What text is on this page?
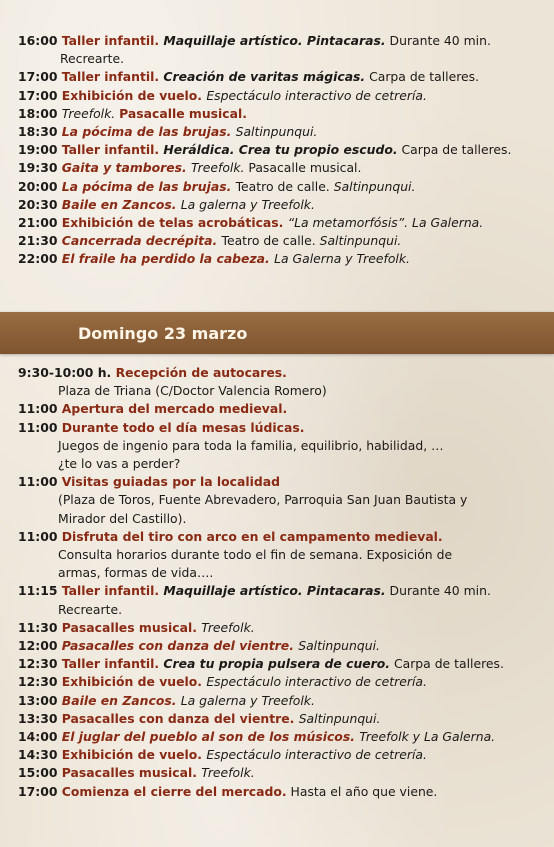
16:00 Taller infantil. Maquillaje artístico. Pintacaras. Durante 40 min.
Recrearte.
17:00 Taller infantil. Creación de varitas mágicas. Carpa de talleres.
17:00 Exhibición de vuelo. Espectáculo interactivo de cetrería.
18:00 Treefolk. Pasacalle musical.
18:30 La pócima de las brujas. Saltinpunqui.
19:00 Taller infantil. Heráldica. Crea tu propio escudo. Carpa de talleres.
19:30 Gaita y tambores. Treefolk. Pasacalle musical.
20:00 La pócima de las brujas. Teatro de calle. Saltinpunqui.
20:30 Baile en Zancos. La galerna y Treefolk.
21:00 Exhibición de telas acrobáticas. “La metamorfósis”. La Galerna.
21:30 Cancerrada decrépita. Teatro de calle. Saltinpunqui.
22:00 El fraile ha perdido la cabeza. La Galerna y Treefolk.
Domingo 23 marzo
9:30-10:00 h. Recepción de autocares.
Plaza de Triana (C/Doctor Valencia Romero)
11:00 Apertura del mercado medieval.
11:00 Durante todo el día mesas lúdicas.
Juegos de ingenio para toda la familia, equilibrio, habilidad, …
¿te lo vas a perder?
11:00 Visitas guiadas por la localidad
(Plaza de Toros, Fuente Abrevadero, Parroquia San Juan Bautista y
Mirador del Castillo).
11:00 Disfruta del tiro con arco en el campamento medieval.
Consulta horarios durante todo el fin de semana. Exposición de
armas, formas de vida….
11:15 Taller infantil. Maquillaje artístico. Pintacaras. Durante 40 min.
Recrearte.
11:30 Pasacalles musical. Treefolk.
12:00 Pasacalles con danza del vientre. Saltinpunqui.
12:30 Taller infantil. Crea tu propia pulsera de cuero. Carpa de talleres.
12:30 Exhibición de vuelo. Espectáculo interactivo de cetrería.
13:00 Baile en Zancos. La galerna y Treefolk.
13:30 Pasacalles con danza del vientre. Saltinpunqui.
14:00 El juglar del pueblo al son de los músicos. Treefolk y La Galerna.
14:30 Exhibición de vuelo. Espectáculo interactivo de cetrería.
15:00 Pasacalles musical. Treefolk.
17:00 Comienza el cierre del mercado. Hasta el año que viene.
